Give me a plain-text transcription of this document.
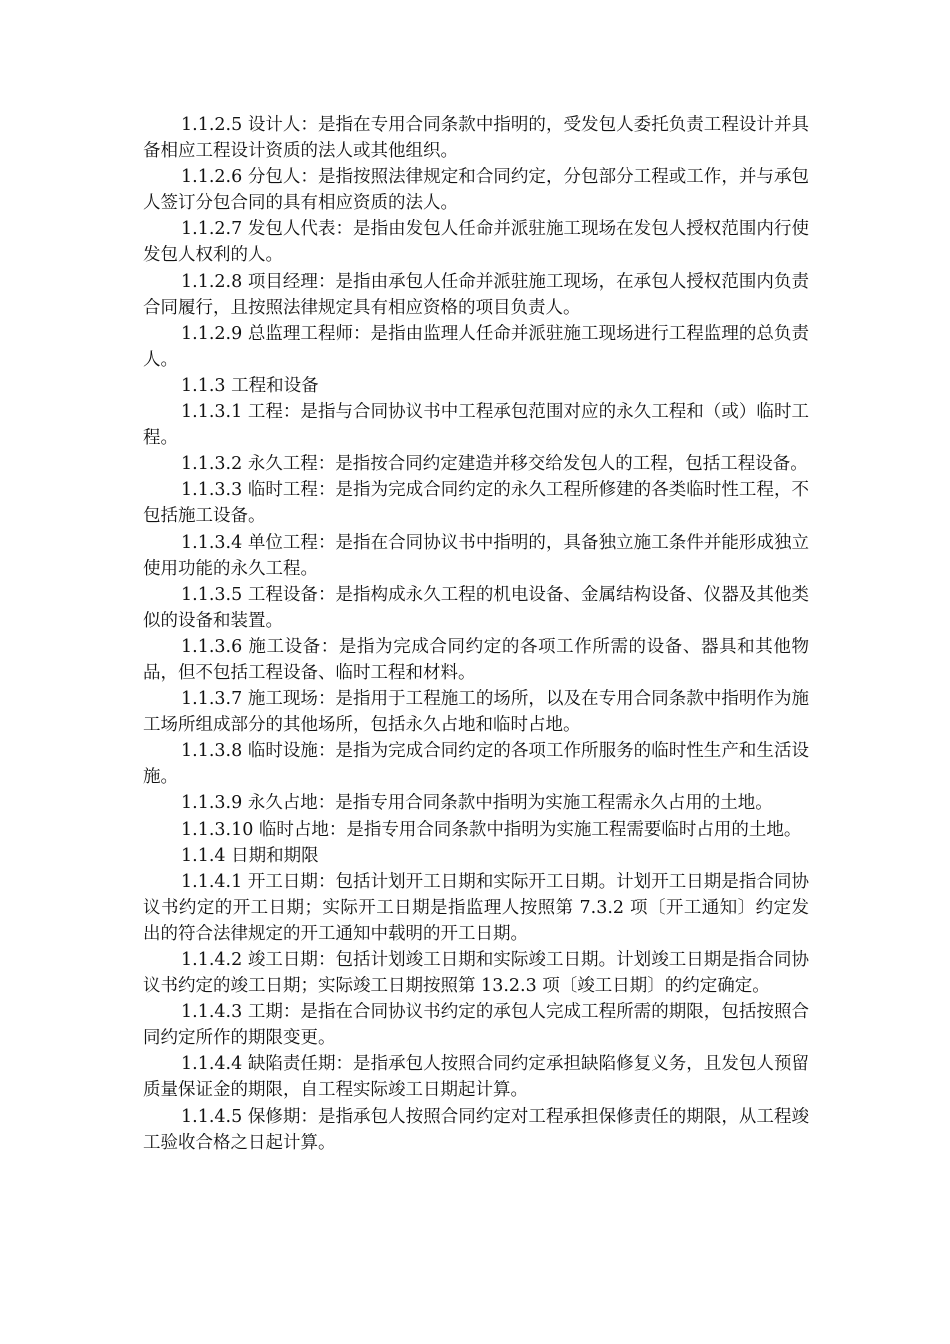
1.1.2.5 设计人：是指在专用合同条款中指明的，受发包人委托负责工程设计并具备相应工程设计资质的法人或其他组织。

1.1.2.6 分包人：是指按照法律规定和合同约定，分包部分工程或工作，并与承包人签订分包合同的具有相应资质的法人。

1.1.2.7 发包人代表：是指由发包人任命并派驻施工现场在发包人授权范围内行使发包人权利的人。

1.1.2.8 项目经理：是指由承包人任命并派驻施工现场，在承包人授权范围内负责合同履行，且按照法律规定具有相应资格的项目负责人。

1.1.2.9 总监理工程师：是指由监理人任命并派驻施工现场进行工程监理的总负责人。

1.1.3 工程和设备

1.1.3.1 工程：是指与合同协议书中工程承包范围对应的永久工程和（或）临时工程。

1.1.3.2 永久工程：是指按合同约定建造并移交给发包人的工程，包括工程设备。

1.1.3.3 临时工程：是指为完成合同约定的永久工程所修建的各类临时性工程，不包括施工设备。

1.1.3.4 单位工程：是指在合同协议书中指明的，具备独立施工条件并能形成独立使用功能的永久工程。

1.1.3.5 工程设备：是指构成永久工程的机电设备、金属结构设备、仪器及其他类似的设备和装置。

1.1.3.6 施工设备：是指为完成合同约定的各项工作所需的设备、器具和其他物品，但不包括工程设备、临时工程和材料。

1.1.3.7 施工现场：是指用于工程施工的场所，以及在专用合同条款中指明作为施工场所组成部分的其他场所，包括永久占地和临时占地。

1.1.3.8 临时设施：是指为完成合同约定的各项工作所服务的临时性生产和生活设施。

1.1.3.9 永久占地：是指专用合同条款中指明为实施工程需永久占用的土地。

1.1.3.10 临时占地：是指专用合同条款中指明为实施工程需要临时占用的土地。

1.1.4 日期和期限

1.1.4.1 开工日期：包括计划开工日期和实际开工日期。计划开工日期是指合同协议书约定的开工日期；实际开工日期是指监理人按照第 7.3.2 项〔开工通知〕约定发出的符合法律规定的开工通知中载明的开工日期。

1.1.4.2 竣工日期：包括计划竣工日期和实际竣工日期。计划竣工日期是指合同协议书约定的竣工日期；实际竣工日期按照第 13.2.3 项〔竣工日期〕的约定确定。

1.1.4.3 工期：是指在合同协议书约定的承包人完成工程所需的期限，包括按照合同约定所作的期限变更。

1.1.4.4 缺陷责任期：是指承包人按照合同约定承担缺陷修复义务，且发包人预留质量保证金的期限，自工程实际竣工日期起计算。

1.1.4.5 保修期：是指承包人按照合同约定对工程承担保修责任的期限，从工程竣工验收合格之日起计算。
